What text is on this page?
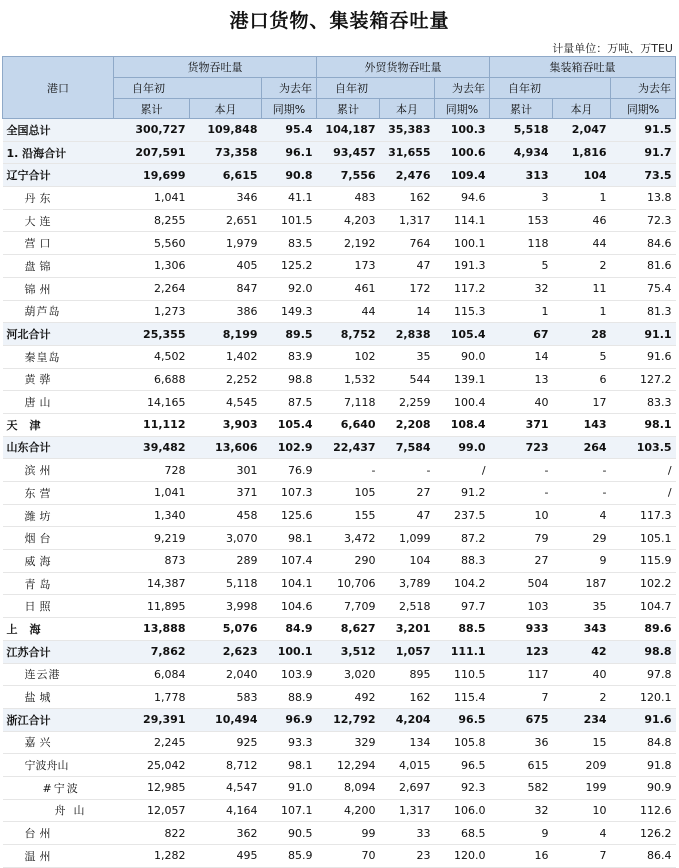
港口货物、集装箱吞吐量
计量单位：万吨、万TEU
港口	货物吞吐量			外贸货物吞吐量			集装箱吞吐量		
	自年初		为去年	自年初		为去年	自年初		为去年
	累计	本月	同期%	累计	本月	同期%	累计	本月	同期%
全国总计	300,727	109,848	95.4	104,187	35,383	100.3	5,518	2,047	91.5
1. 沿海合计	207,591	73,358	96.1	93,457	31,655	100.6	4,934	1,816	91.7
辽宁合计	19,699	6,615	90.8	7,556	2,476	109.4	313	104	73.5
丹东	1,041	346	41.1	483	162	94.6	3	1	13.8
大连	8,255	2,651	101.5	4,203	1,317	114.1	153	46	72.3
营口	5,560	1,979	83.5	2,192	764	100.1	118	44	84.6
盘锦	1,306	405	125.2	173	47	191.3	5	2	81.6
锦州	2,264	847	92.0	461	172	117.2	32	11	75.4
葫芦岛	1,273	386	149.3	44	14	115.3	1	1	81.3
河北合计	25,355	8,199	89.5	8,752	2,838	105.4	67	28	91.1
秦皇岛	4,502	1,402	83.9	102	35	90.0	14	5	91.6
黄骅	6,688	2,252	98.8	1,532	544	139.1	13	6	127.2
唐山	14,165	4,545	87.5	7,118	2,259	100.4	40	17	83.3
天津	11,112	3,903	105.4	6,640	2,208	108.4	371	143	98.1
山东合计	39,482	13,606	102.9	22,437	7,584	99.0	723	264	103.5
滨州	728	301	76.9	-	-	/	-	-	/
东营	1,041	371	107.3	105	27	91.2	-	-	/
潍坊	1,340	458	125.6	155	47	237.5	10	4	117.3
烟台	9,219	3,070	98.1	3,472	1,099	87.2	79	29	105.1
威海	873	289	107.4	290	104	88.3	27	9	115.9
青岛	14,387	5,118	104.1	10,706	3,789	104.2	504	187	102.2
日照	11,895	3,998	104.6	7,709	2,518	97.7	103	35	104.7
上海	13,888	5,076	84.9	8,627	3,201	88.5	933	343	89.6
江苏合计	7,862	2,623	100.1	3,512	1,057	111.1	123	42	98.8
连云港	6,084	2,040	103.9	3,020	895	110.5	117	40	97.8
盐城	1,778	583	88.9	492	162	115.4	7	2	120.1
浙江合计	29,391	10,494	96.9	12,792	4,204	96.5	675	234	91.6
嘉兴	2,245	925	93.3	329	134	105.8	36	15	84.8
宁波舟山	25,042	8,712	98.1	12,294	4,015	96.5	615	209	91.8
#宁波	12,985	4,547	91.0	8,094	2,697	92.3	582	199	90.9
舟山	12,057	4,164	107.1	4,200	1,317	106.0	32	10	112.6
台州	822	362	90.5	99	33	68.5	9	4	126.2
温州	1,282	495	85.9	70	23	120.0	16	7	86.4
